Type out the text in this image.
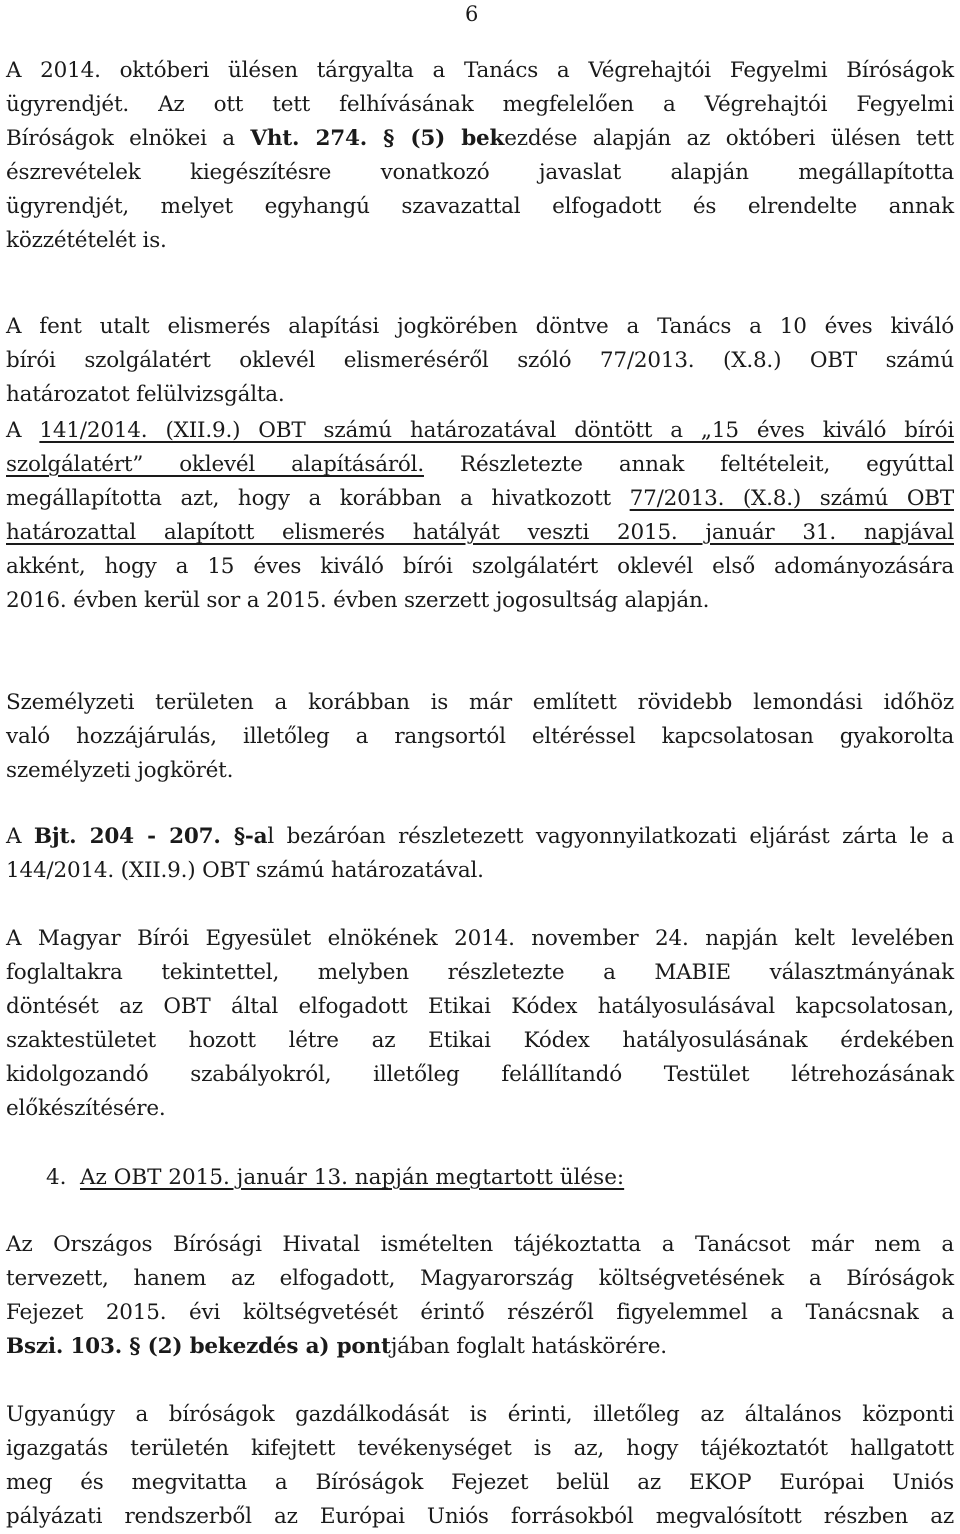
6
A 2014. októberi ülésen tárgyalta a Tanács a Végrehajtói Fegyelmi Bíróságok
ügyrendjét. Az ott tett felhívásának megfelelően a Végrehajtói Fegyelmi
Bíróságok elnökei a Vht. 274. § (5) bekezdése alapján az októberi ülésen tett
észrevételek kiegészítésre vonatkozó javaslat alapján megállapította
ügyrendjét, melyet egyhangú szavazattal elfogadott és elrendelte annak
közzétételét is.
A fent utalt elismerés alapítási jogkörében döntve a Tanács a 10 éves kiváló
bírói szolgálatért oklevél elismeréséről szóló 77/2013. (X.8.) OBT számú
határozatot felülvizsgálta.
A 141/2014. (XII.9.) OBT számú határozatával döntött a „15 éves kiváló bírói
szolgálatért” oklevél alapításáról. Részletezte annak feltételeit, egyúttal
megállapította azt, hogy a korábban a hivatkozott 77/2013. (X.8.) számú OBT
határozattal alapított elismerés hatályát veszti 2015. január 31. napjával
akként, hogy a 15 éves kiváló bírói szolgálatért oklevél első adományozására
2016. évben kerül sor a 2015. évben szerzett jogosultság alapján.
Személyzeti területen a korábban is már említett rövidebb lemondási időhöz
való hozzájárulás, illetőleg a rangsortól eltéréssel kapcsolatosan gyakorolta
személyzeti jogkörét.
A Bjt. 204 - 207. §-al bezáróan részletezett vagyonnyilatkozati eljárást zárta le a
144/2014. (XII.9.) OBT számú határozatával.
A Magyar Bírói Egyesület elnökének 2014. november 24. napján kelt levelében
foglaltakra tekintettel, melyben részletezte a MABIE választmányának
döntését az OBT által elfogadott Etikai Kódex hatályosulásával kapcsolatosan,
szaktestületet hozott létre az Etikai Kódex hatályosulásának érdekében
kidolgozandó szabályokról, illetőleg felállítandó Testület létrehozásának
előkészítésére.
4. Az OBT 2015. január 13. napján megtartott ülése:
Az Országos Bírósági Hivatal ismételten tájékoztatta a Tanácsot már nem a
tervezett, hanem az elfogadott, Magyarország költségvetésének a Bíróságok
Fejezet 2015. évi költségvetését érintő részéről figyelemmel a Tanácsnak a
Bszi. 103. § (2) bekezdés a) pontjában foglalt hatáskörére.
Ugyanúgy a bíróságok gazdálkodását is érinti, illetőleg az általános központi
igazgatás területén kifejtett tevékenységet is az, hogy tájékoztatót hallgatott
meg és megvitatta a Bíróságok Fejezet belül az EKOP Európai Uniós
pályázati rendszerből az Európai Uniós forrásokból megvalósított részben az
